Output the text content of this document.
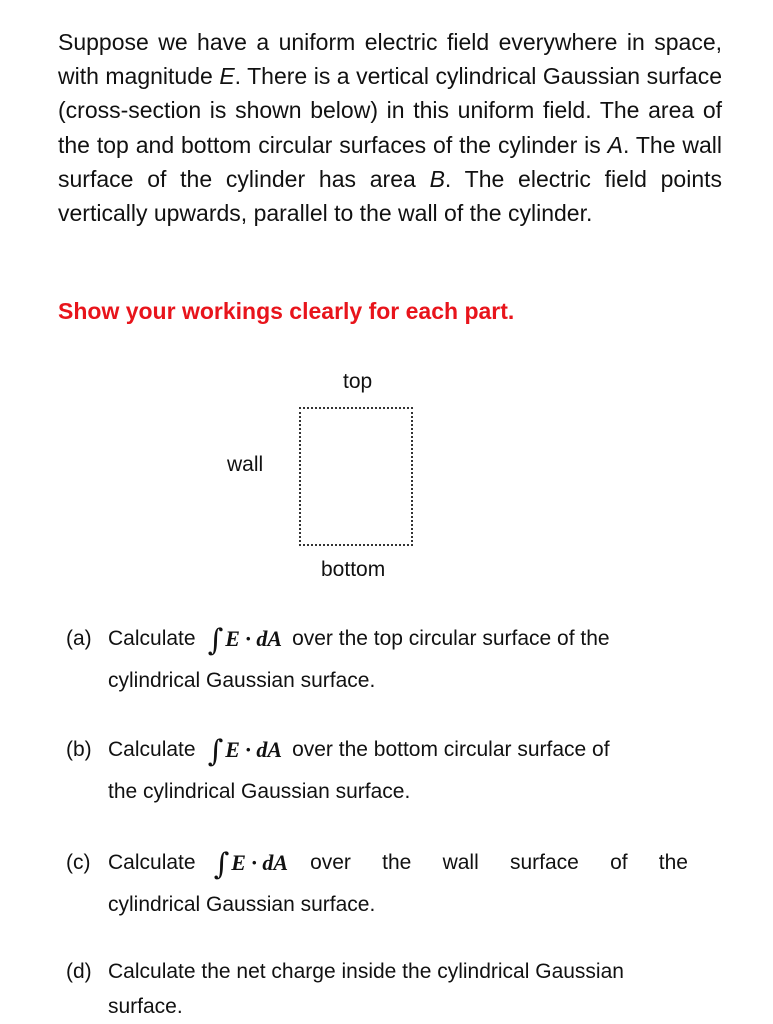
Suppose we have a uniform electric field everywhere in space, with magnitude E. There is a vertical cylindrical Gaussian surface (cross-section is shown below) in this uniform field. The area of the top and bottom circular surfaces of the cylinder is A. The wall surface of the cylinder has area B. The electric field points vertically upwards, parallel to the wall of the cylinder.

Show your workings clearly for each part.

top

wall

bottom

(a) Calculate ∫ E · dA over the top circular surface of the
cylindrical Gaussian surface.
(b) Calculate ∫ E · dA over the bottom circular surface of
the cylindrical Gaussian surface.
(c) Calculate ∫ E · dA over the wall surface of the
cylindrical Gaussian surface.
(d) Calculate the net charge inside the cylindrical Gaussian
surface.
